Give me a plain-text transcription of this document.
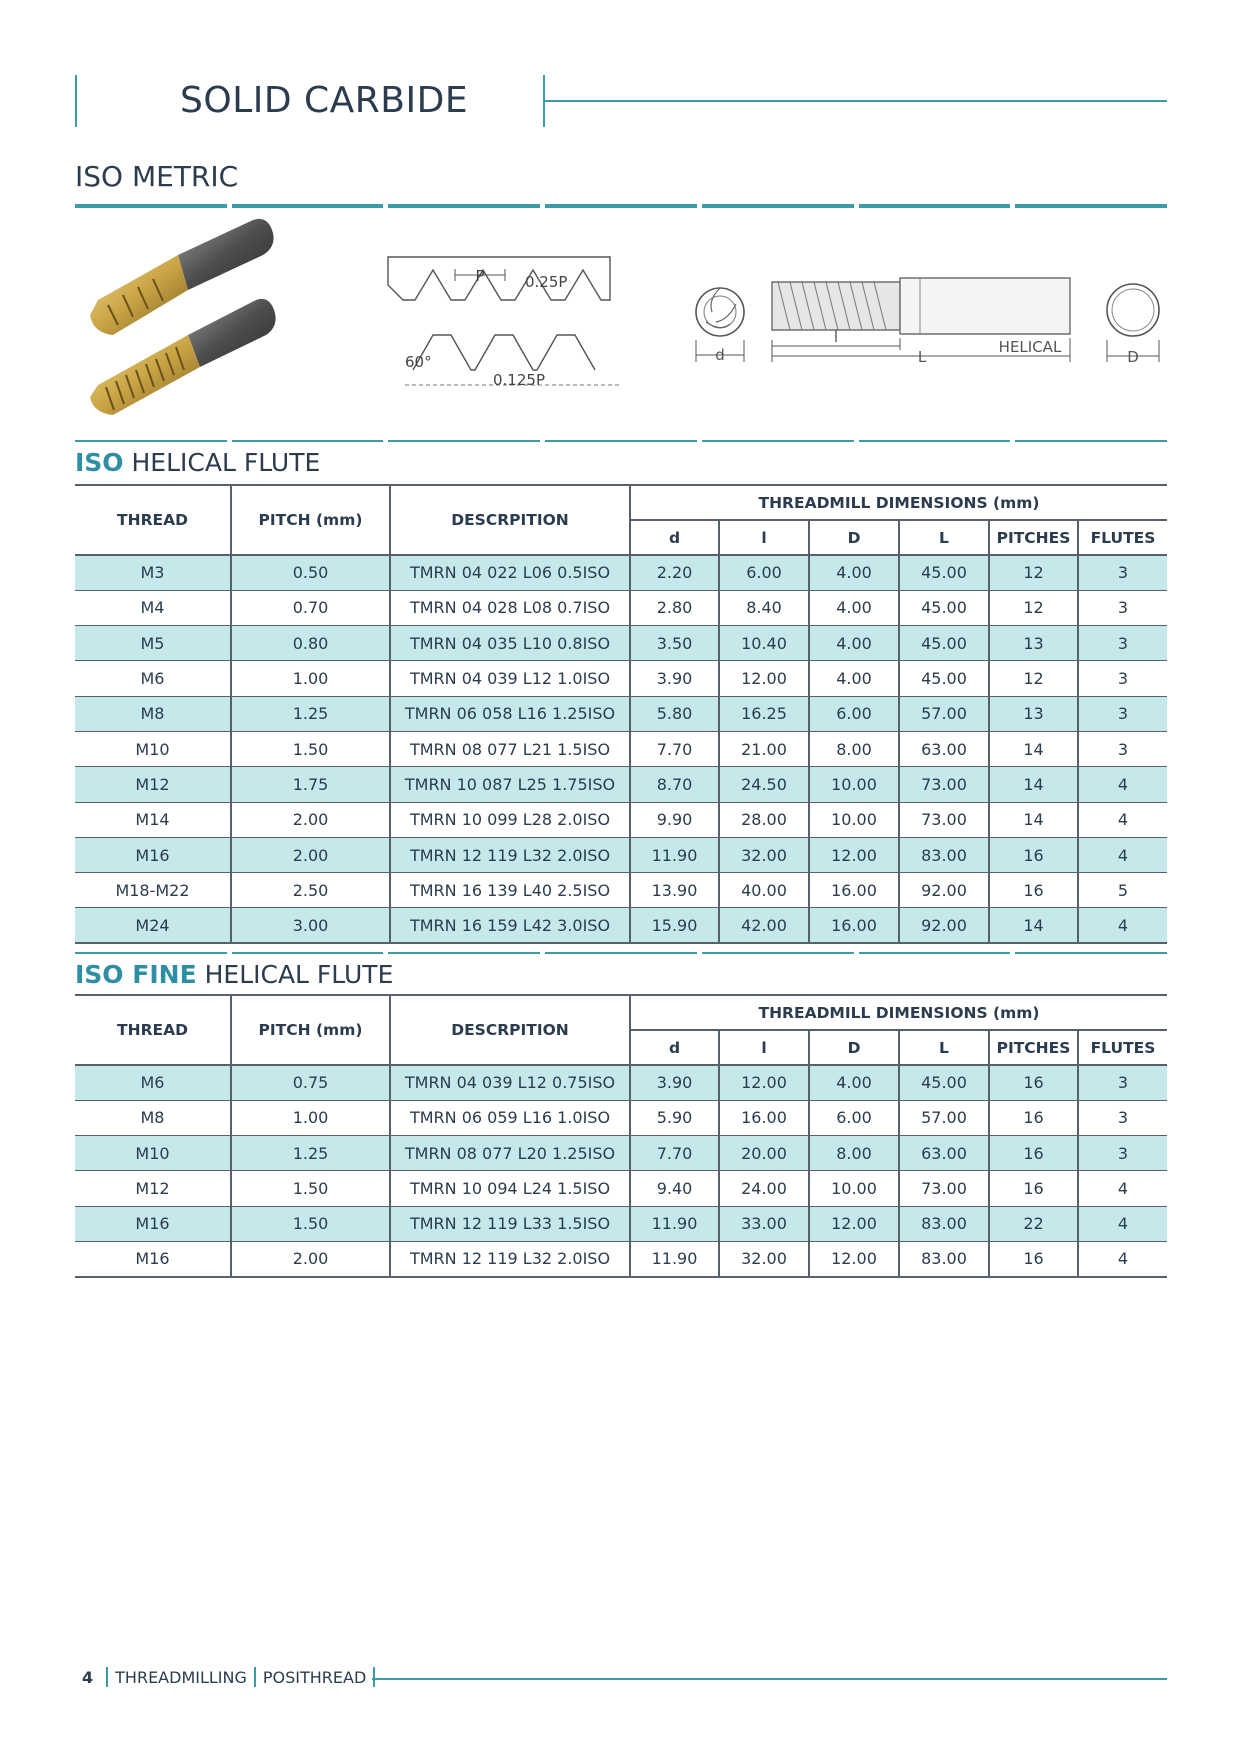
SOLID CARBIDE
ISO METRIC
P	0.25P
60°
0.125P
d
l
L
HELICAL
D
ISO HELICAL FLUTE
THREAD	PITCH (mm)	DESCRPITION	THREADMILL DIMENSIONS (mm)					
			d	l	D	L	PITCHES	FLUTES
M3	0.50	TMRN 04 022 L06 0.5ISO	2.20	6.00	4.00	45.00	12	3
M4	0.70	TMRN 04 028 L08 0.7ISO	2.80	8.40	4.00	45.00	12	3
M5	0.80	TMRN 04 035 L10 0.8ISO	3.50	10.40	4.00	45.00	13	3
M6	1.00	TMRN 04 039 L12 1.0ISO	3.90	12.00	4.00	45.00	12	3
M8	1.25	TMRN 06 058 L16 1.25ISO	5.80	16.25	6.00	57.00	13	3
M10	1.50	TMRN 08 077 L21 1.5ISO	7.70	21.00	8.00	63.00	14	3
M12	1.75	TMRN 10 087 L25 1.75ISO	8.70	24.50	10.00	73.00	14	4
M14	2.00	TMRN 10 099 L28 2.0ISO	9.90	28.00	10.00	73.00	14	4
M16	2.00	TMRN 12 119 L32 2.0ISO	11.90	32.00	12.00	83.00	16	4
M18-M22	2.50	TMRN 16 139 L40 2.5ISO	13.90	40.00	16.00	92.00	16	5
M24	3.00	TMRN 16 159 L42 3.0ISO	15.90	42.00	16.00	92.00	14	4
ISO FINE HELICAL FLUTE
THREAD	PITCH (mm)	DESCRPITION	THREADMILL DIMENSIONS (mm)					
			d	l	D	L	PITCHES	FLUTES
M6	0.75	TMRN 04 039 L12 0.75ISO	3.90	12.00	4.00	45.00	16	3
M8	1.00	TMRN 06 059 L16 1.0ISO	5.90	16.00	6.00	57.00	16	3
M10	1.25	TMRN 08 077 L20 1.25ISO	7.70	20.00	8.00	63.00	16	3
M12	1.50	TMRN 10 094 L24 1.5ISO	9.40	24.00	10.00	73.00	16	4
M16	1.50	TMRN 12 119 L33 1.5ISO	11.90	33.00	12.00	83.00	22	4
M16	2.00	TMRN 12 119 L32 2.0ISO	11.90	32.00	12.00	83.00	16	4
4 THREADMILLING POSITHREAD
